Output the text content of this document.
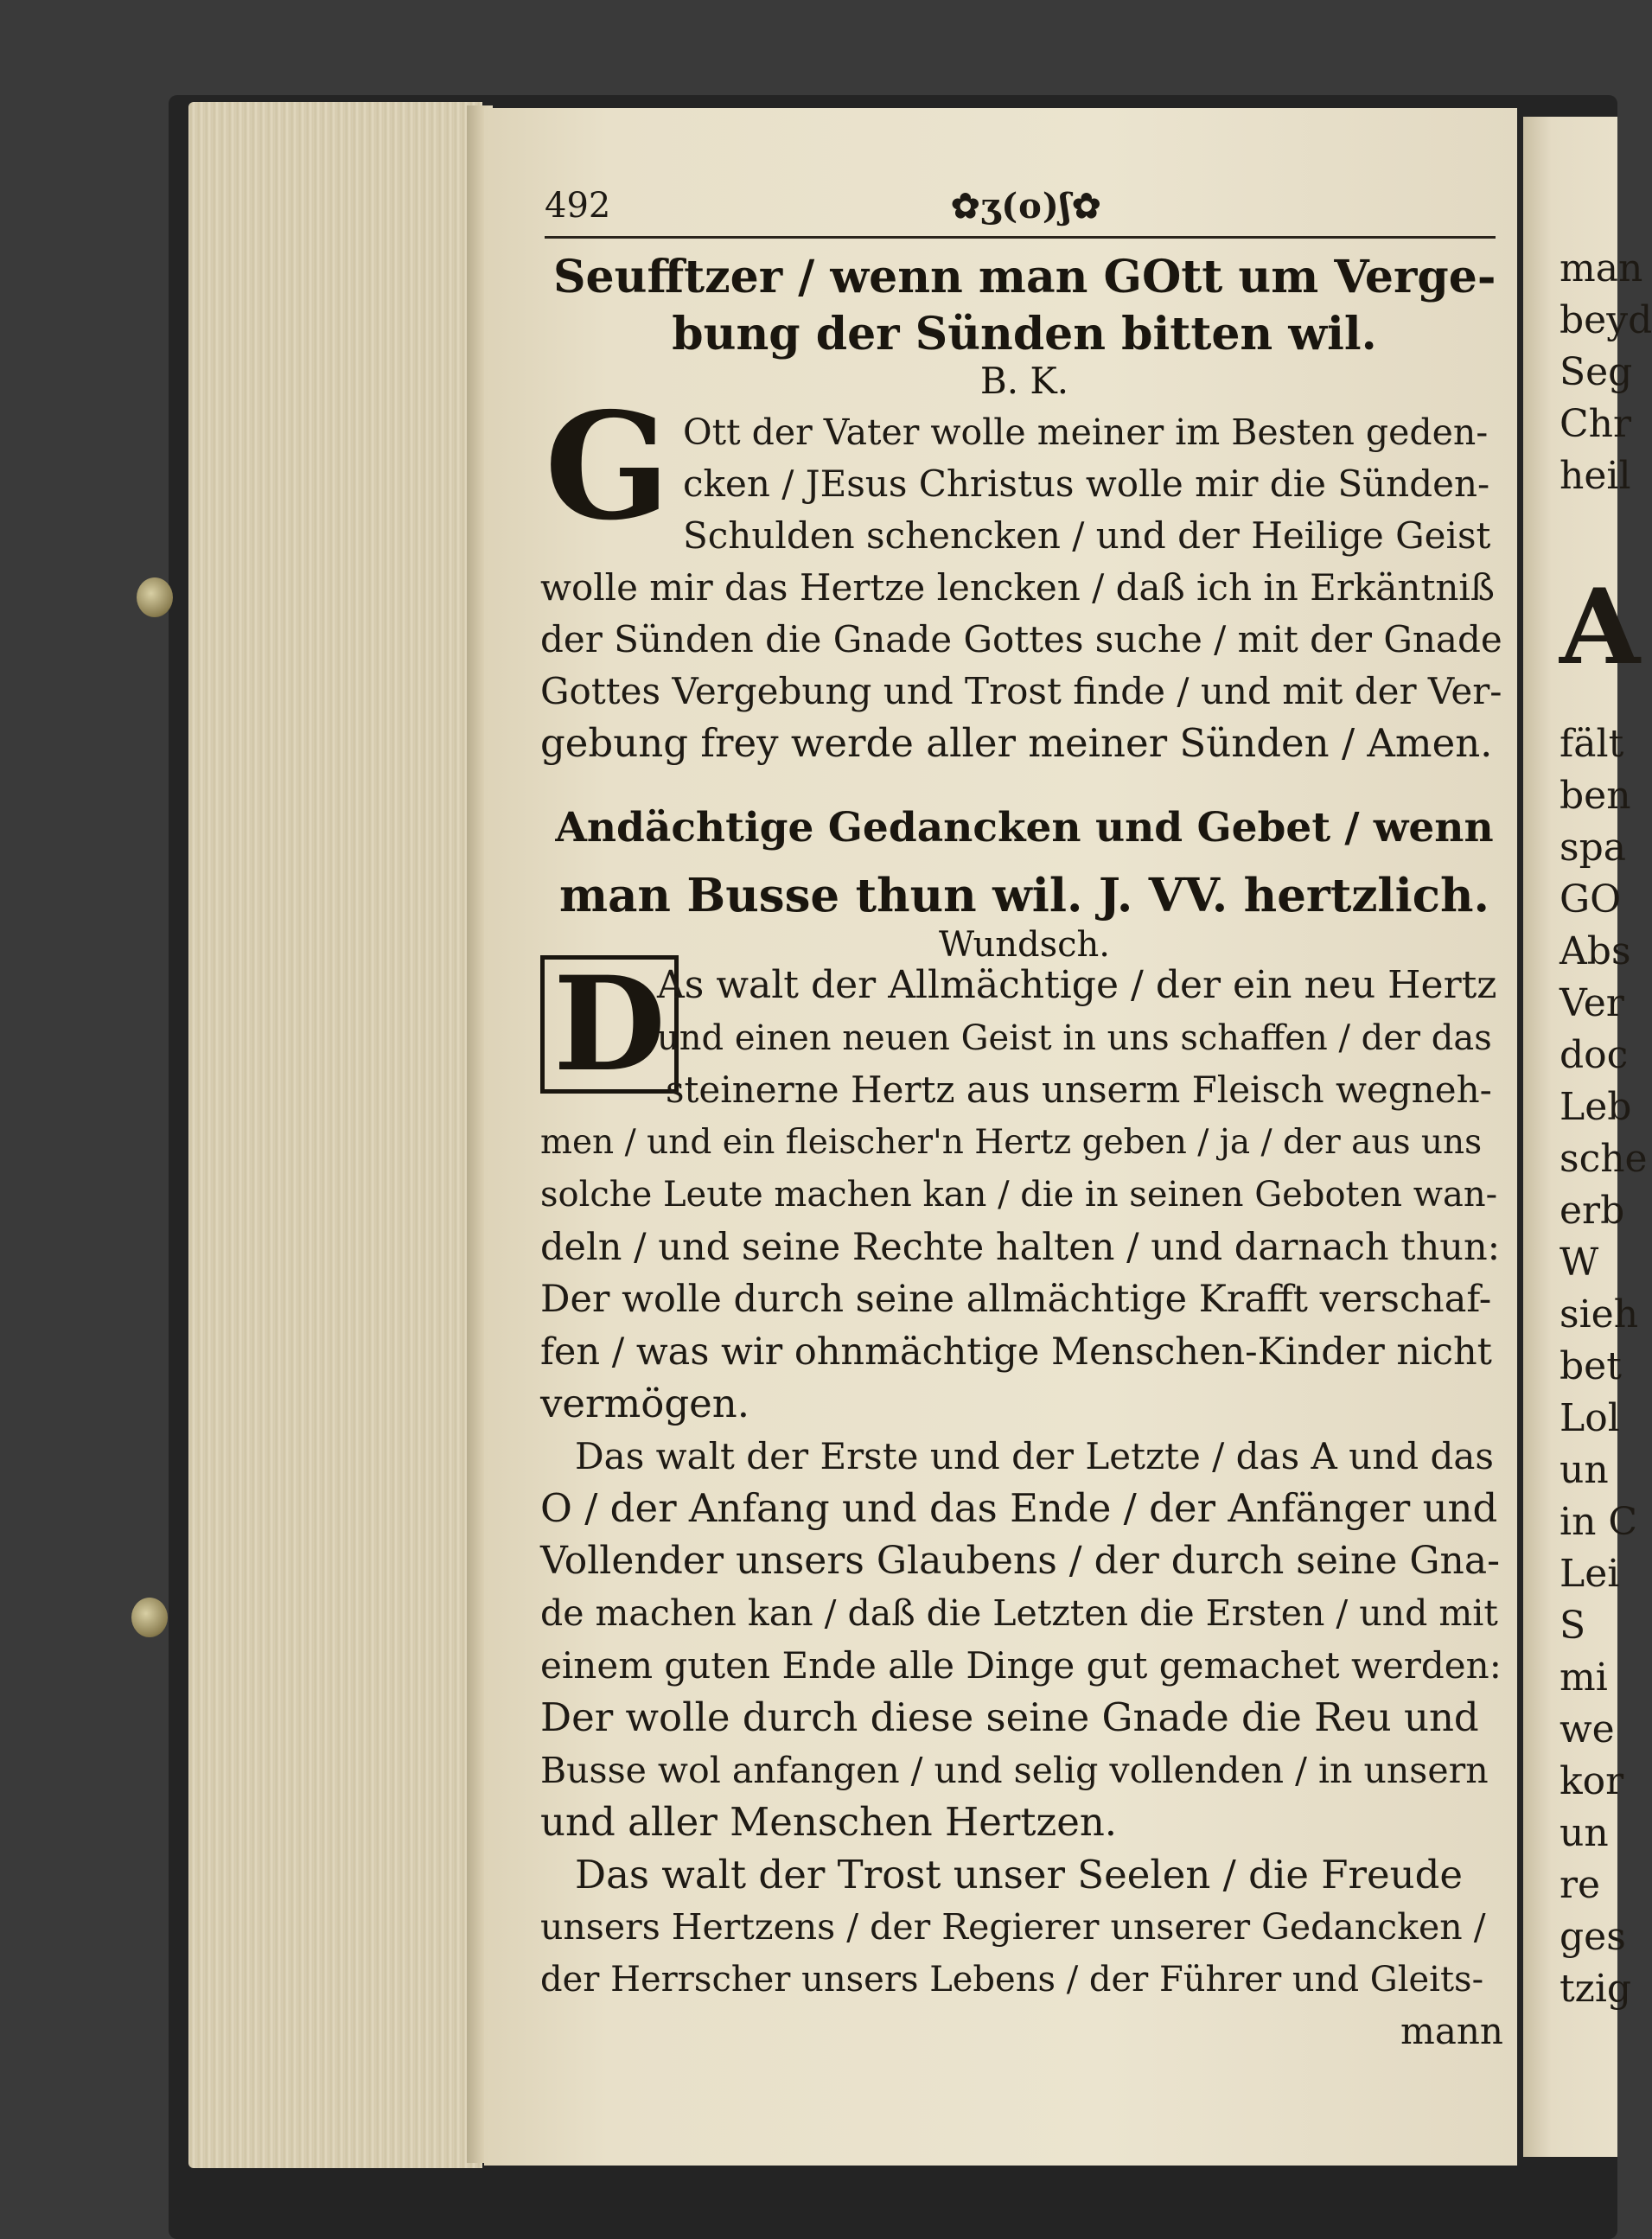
man
beyd
Seg
Chr
heil
A
fält
ben
spa
GO
Abs
Ver
doc
Leb
sche
erb
W
sieh
bet
Lol
un
in C
Lei
S
mi
we
kor
un
re
ges
tzig
492	✿ʒ(o)ʃ✿
Seufftzer / wenn man GOtt um Verge-
bung der Sünden bitten wil.
B. K.
G Ott der Vater wolle meiner im Besten geden-
cken / JEsus Christus wolle mir die Sünden-
Schulden schencken / und der Heilige Geist
wolle mir das Hertze lencken / daß ich in Erkäntniß
der Sünden die Gnade Gottes suche / mit der Gnade
Gottes Vergebung und Trost finde / und mit der Ver-
gebung frey werde aller meiner Sünden / Amen.
Andächtige Gedancken und Gebet / wenn
man Busse thun wil. J. VV. hertzlich.
Wundsch.
D
As walt der Allmächtige / der ein neu Hertz
und einen neuen Geist in uns schaffen / der das
steinerne Hertz aus unserm Fleisch wegneh-
men / und ein fleischer'n Hertz geben / ja / der aus uns
solche Leute machen kan / die in seinen Geboten wan-
deln / und seine Rechte halten / und darnach thun:
Der wolle durch seine allmächtige Krafft verschaf-
fen / was wir ohnmächtige Menschen-Kinder nicht
vermögen.
Das walt der Erste und der Letzte / das A und das
O / der Anfang und das Ende / der Anfänger und
Vollender unsers Glaubens / der durch seine Gna-
de machen kan / daß die Letzten die Ersten / und mit
einem guten Ende alle Dinge gut gemachet werden:
Der wolle durch diese seine Gnade die Reu und
Busse wol anfangen / und selig vollenden / in unsern
und aller Menschen Hertzen.
Das walt der Trost unser Seelen / die Freude
unsers Hertzens / der Regierer unserer Gedancken /
der Herrscher unsers Lebens / der Führer und Gleits-
mann
